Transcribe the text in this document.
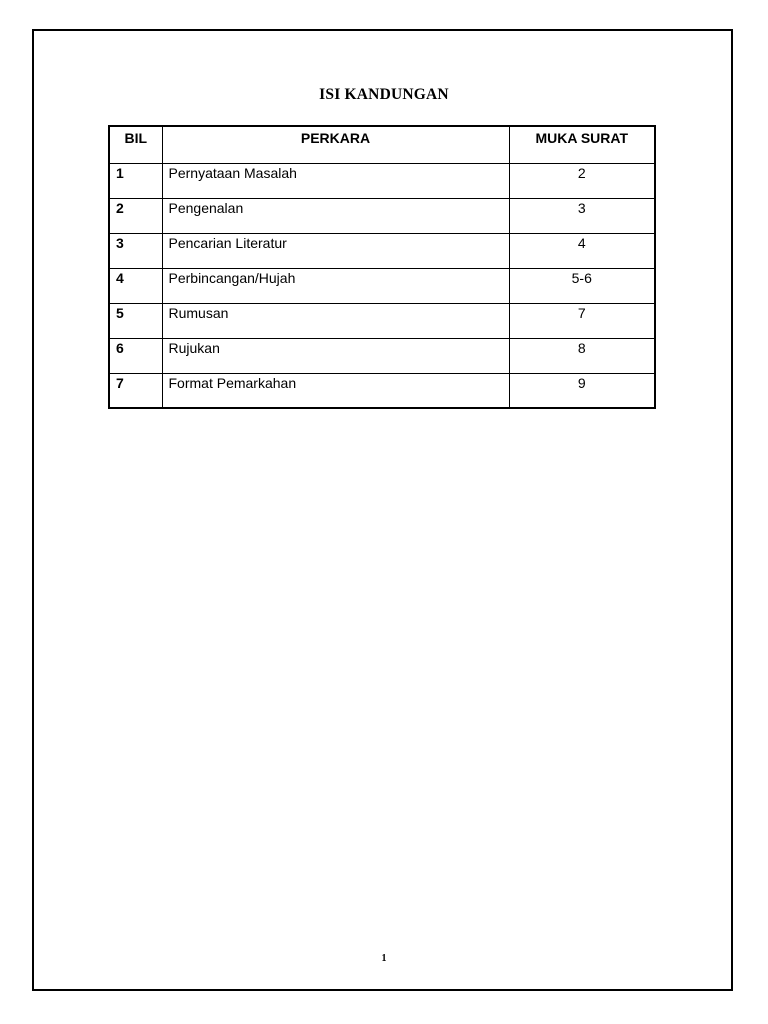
ISI KANDUNGAN
BIL	PERKARA	MUKA SURAT
1	Pernyataan Masalah	2
2	Pengenalan	3
3	Pencarian Literatur	4
4	Perbincangan/Hujah	5-6
5	Rumusan	7
6	Rujukan	8
7	Format Pemarkahan	9
1
